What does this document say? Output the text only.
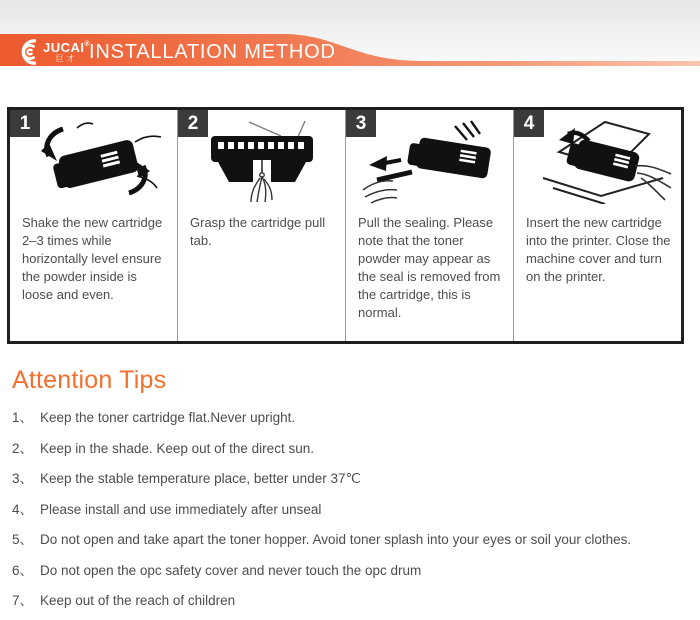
JUCAI®
巨才 INSTALLATION METHOD
1
Shake the new cartridge 2–3 times while horizontally level ensure the powder inside is loose and even.
2
Grasp the cartridge pull tab.
3
Pull the sealing. Please note that the toner powder may appear as the seal is removed from the cartridge, this is normal.
4
Insert the new cartridge into the printer. Close the machine cover and turn on the printer.
Attention Tips
1、 Keep the toner cartridge flat.Never upright.
2、 Keep in the shade. Keep out of the direct sun.
3、 Keep the stable temperature place, better under 37℃
4、 Please install and use immediately after unseal
5、 Do not open and take apart the toner hopper. Avoid toner splash into your eyes or soil your clothes.
6、 Do not open the opc safety cover and never touch the opc drum
7、 Keep out of the reach of children
